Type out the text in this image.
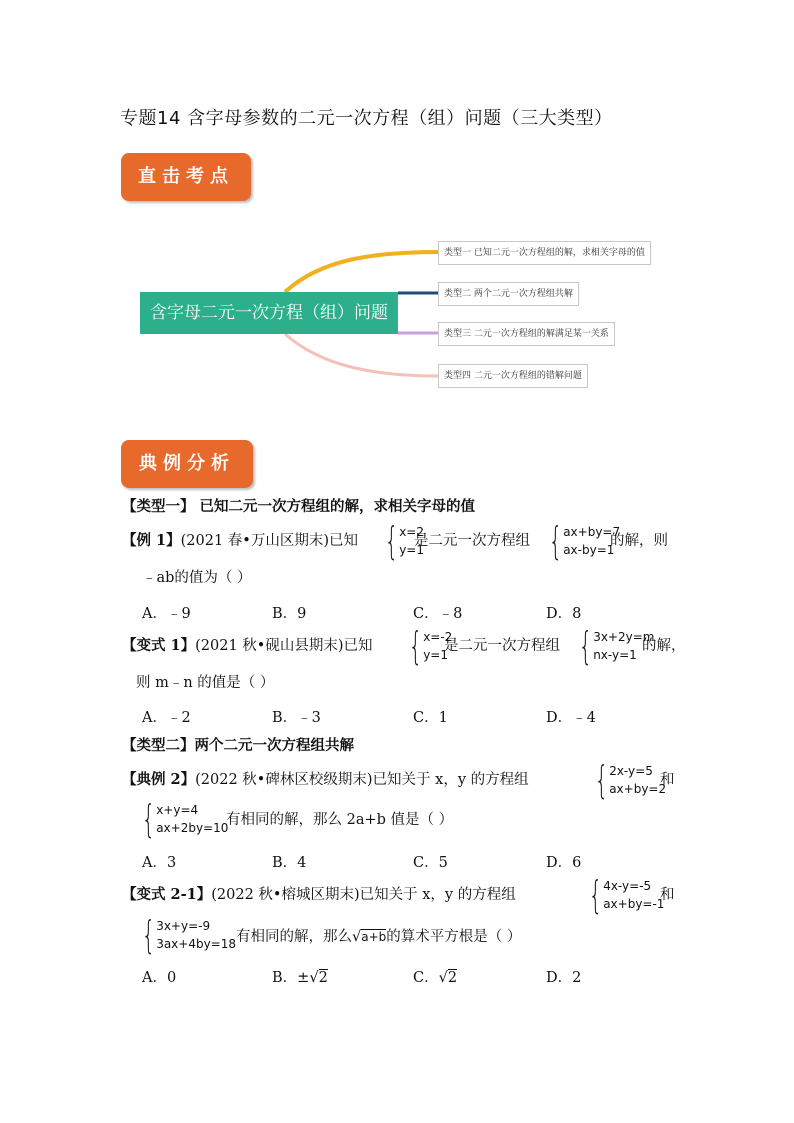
专题14 含字母参数的二元一次方程（组）问题（三大类型）
直击考点
含字母二元一次方程（组）问题
类型一 已知二元一次方程组的解，求相关字母的值
类型二 两个二元一次方程组共解
类型三 二元一次方程组的解满足某一关系
类型四 二元一次方程组的错解问题
典例分析
【类型一】 已知二元一次方程组的解，求相关字母的值
【例 1】(2021 春•万山区期末)已知 { x=2
y=1
是二元一次方程组 { ax+by=7
ax-by=1
的解，则
﹣ab的值为（ ）
A．﹣9	B．9	C．﹣8	D．8
【变式 1】(2021 秋•砚山县期末)已知 { x=-2
y=1
是二元一次方程组 { 3x+2y=m
nx-y=1
的解，
则 m﹣n 的值是（ ）
A．﹣2	B．﹣3	C．1	D．﹣4
【类型二】两个二元一次方程组共解
【典例 2】(2022 秋•碑林区校级期末)已知关于 x，y 的方程组 { 2x-y=5
ax+by=2
和
{ x+y=4
ax+2by=10
有相同的解，那么 2a+b 值是（ ）
A．3	B．4	C．5	D．6
【变式 2-1】(2022 秋•榕城区期末)已知关于 x，y 的方程组 { 4x-y=-5
ax+by=-1
和
{ 3x+y=-9
3ax+4by=18 有相同的解，那么√a+b的算术平方根是（ ）
A．0	B．±√2	C．√2	D．2
